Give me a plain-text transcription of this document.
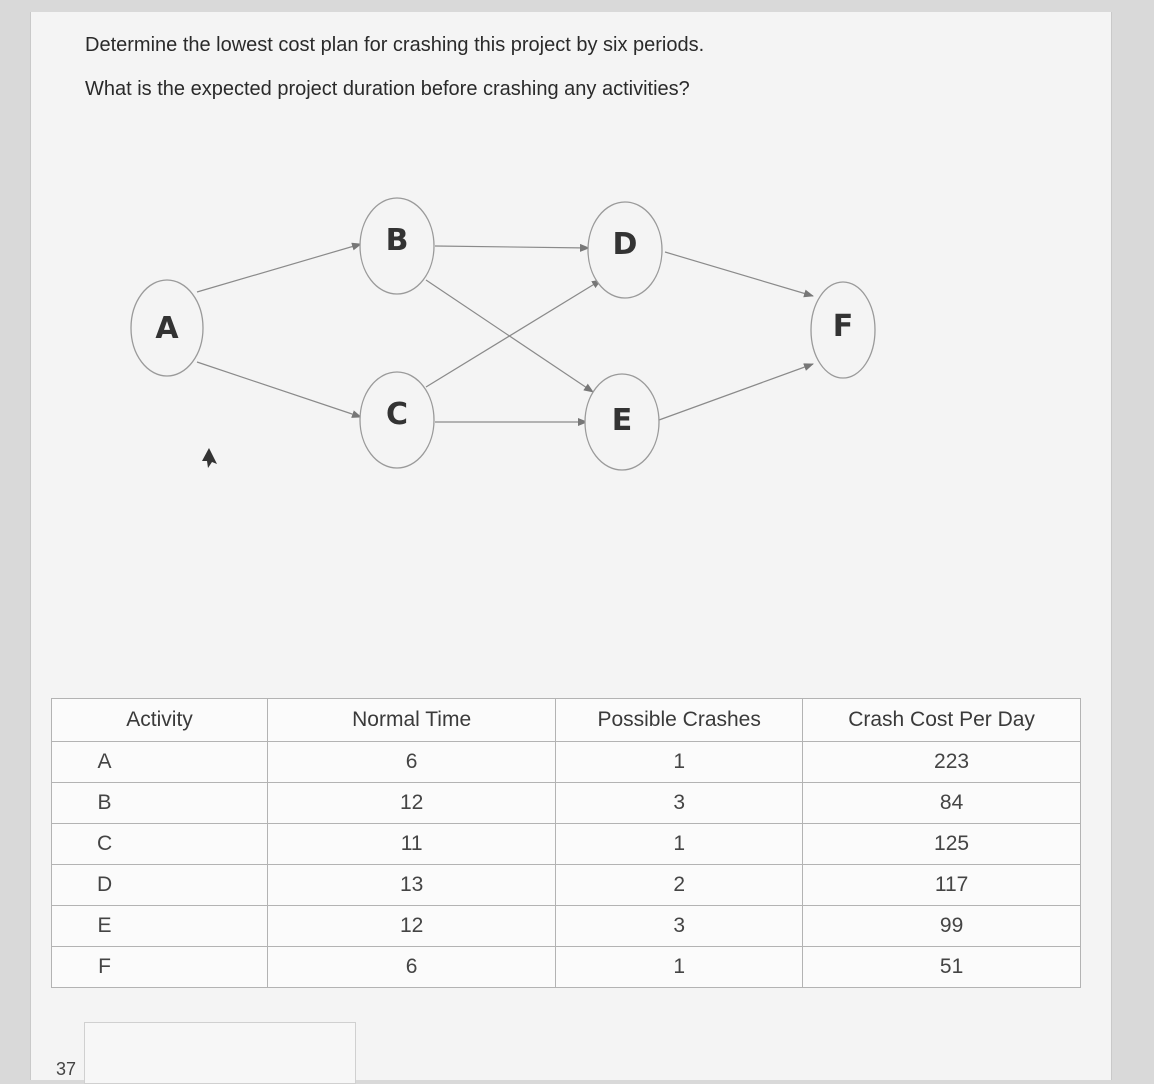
Determine the lowest cost plan for crashing this project by six periods.
What is the expected project duration before crashing any activities?
A
B
C
D
E
F
Activity	Normal Time	Possible Crashes	Crash Cost Per Day
A	6	1	223
B	12	3	84
C	11	1	125
D	13	2	117
E	12	3	99
F	6	1	51
37
